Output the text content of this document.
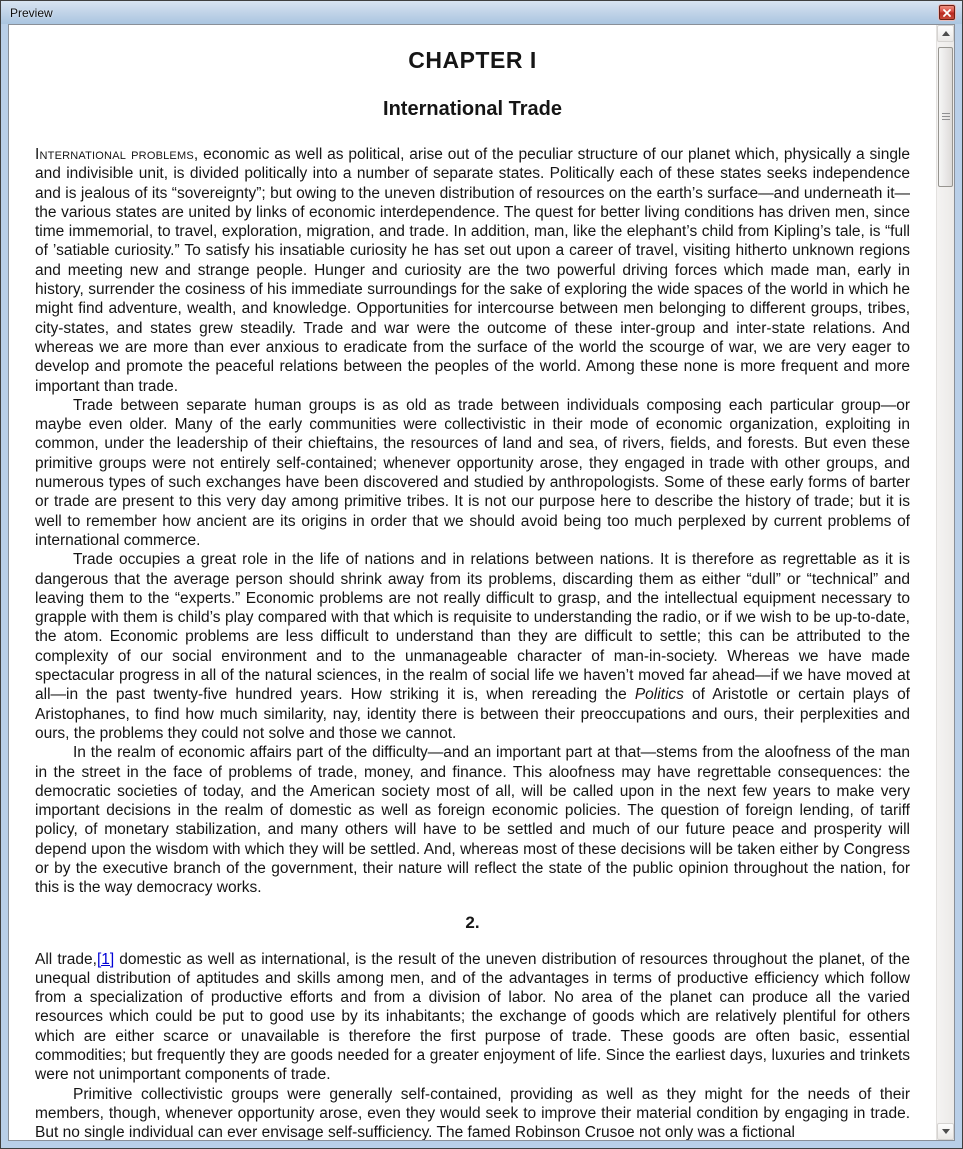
Preview
CHAPTER I
International Trade

International problems, economic as well as political, arise out of the peculiar structure of our planet which, physically a single and indivisible unit, is divided politically into a number of separate states. Politically each of these states seeks independence and is jealous of its “sovereignty”; but owing to the uneven distribution of resources on the earth’s surface—and underneath it—the various states are united by links of economic interdependence. The quest for better living conditions has driven men, since time immemorial, to travel, exploration, migration, and trade. In addition, man, like the elephant’s child from Kipling’s tale, is “full of ’satiable curiosity.” To satisfy his insatiable curiosity he has set out upon a career of travel, visiting hitherto unknown regions and meeting new and strange people. Hunger and curiosity are the two powerful driving forces which made man, early in history, surrender the cosiness of his immediate surroundings for the sake of exploring the wide spaces of the world in which he might find adventure, wealth, and knowledge. Opportunities for intercourse between men belonging to different groups, tribes, city-states, and states grew steadily. Trade and war were the outcome of these inter-group and inter-state relations. And whereas we are more than ever anxious to eradicate from the surface of the world the scourge of war, we are very eager to develop and promote the peaceful relations between the peoples of the world. Among these none is more frequent and more important than trade.

Trade between separate human groups is as old as trade between individuals composing each particular group—or maybe even older. Many of the early communities were collectivistic in their mode of economic organization, exploiting in common, under the leadership of their chieftains, the resources of land and sea, of rivers, fields, and forests. But even these primitive groups were not entirely self-contained; whenever opportunity arose, they engaged in trade with other groups, and numerous types of such exchanges have been discovered and studied by anthropologists. Some of these early forms of barter or trade are present to this very day among primitive tribes. It is not our purpose here to describe the history of trade; but it is well to remember how ancient are its origins in order that we should avoid being too much perplexed by current problems of international commerce.

Trade occupies a great role in the life of nations and in relations between nations. It is therefore as regrettable as it is dangerous that the average person should shrink away from its problems, discarding them as either “dull” or “technical” and leaving them to the “experts.” Economic problems are not really difficult to grasp, and the intellectual equipment necessary to grapple with them is child’s play compared with that which is requisite to understanding the radio, or if we wish to be up-to-date, the atom. Economic problems are less difficult to understand than they are difficult to settle; this can be attributed to the complexity of our social environment and to the unmanageable character of man-in-society. Whereas we have made spectacular progress in all of the natural sciences, in the realm of social life we haven’t moved far ahead—if we have moved at all—in the past twenty-five hundred years. How striking it is, when rereading the Politics of Aristotle or certain plays of Aristophanes, to find how much similarity, nay, identity there is between their preoccupations and ours, their perplexities and ours, the problems they could not solve and those we cannot.

In the realm of economic affairs part of the difficulty—and an important part at that—stems from the aloofness of the man in the street in the face of problems of trade, money, and finance. This aloofness may have regrettable consequences: the democratic societies of today, and the American society most of all, will be called upon in the next few years to make very important decisions in the realm of domestic as well as foreign economic policies. The question of foreign lending, of tariff policy, of monetary stabilization, and many others will have to be settled and much of our future peace and prosperity will depend upon the wisdom with which they will be settled. And, whereas most of these decisions will be taken either by Congress or by the executive branch of the government, their nature will reflect the state of the public opinion throughout the nation, for this is the way democracy works.

2.

All trade,[1] domestic as well as international, is the result of the uneven distribution of resources throughout the planet, of the unequal distribution of aptitudes and skills among men, and of the advantages in terms of productive efficiency which follow from a specialization of productive efforts and from a division of labor. No area of the planet can produce all the varied resources which could be put to good use by its inhabitants; the exchange of goods which are relatively plentiful for others which are either scarce or unavailable is therefore the first purpose of trade. These goods are often basic, essential commodities; but frequently they are goods needed for a greater enjoyment of life. Since the earliest days, luxuries and trinkets were not unimportant components of trade.

Primitive collectivistic groups were generally self-contained, providing as well as they might for the needs of their members, though, whenever opportunity arose, even they would seek to improve their material condition by engaging in trade. But no single individual can ever envisage self-sufficiency. The famed Robinson Crusoe not only was a fictional
